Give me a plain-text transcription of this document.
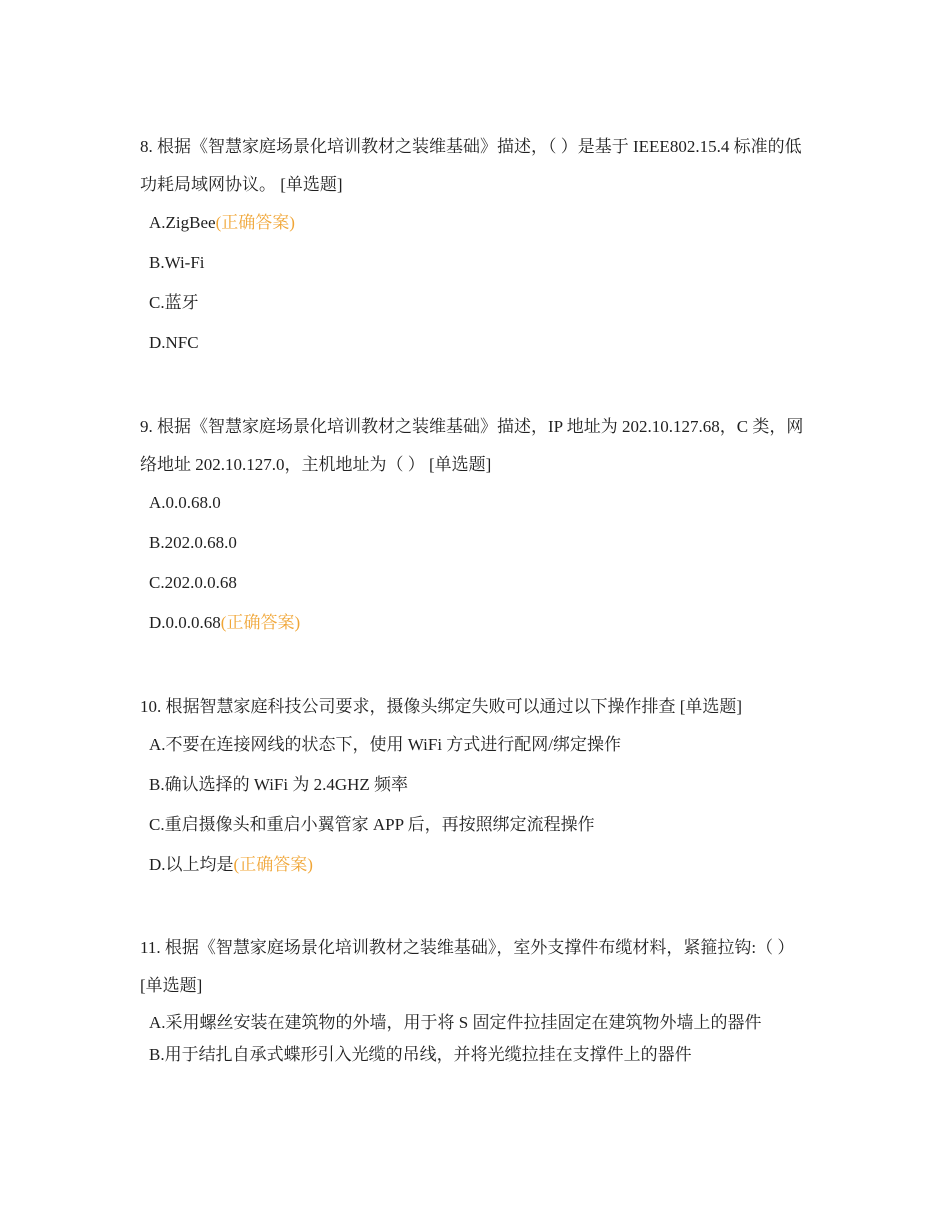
8. 根据《智慧家庭场景化培训教材之装维基础》描述，（ ）是基于 IEEE802.15.4 标准的低功耗局域网协议。 [单选题]

A.ZigBee(正确答案)
B.Wi-Fi
C.蓝牙
D.NFC

9. 根据《智慧家庭场景化培训教材之装维基础》描述，IP 地址为 202.10.127.68，C 类，网络地址 202.10.127.0，主机地址为（ ） [单选题]

A.0.0.68.0
B.202.0.68.0
C.202.0.0.68
D.0.0.0.68(正确答案)

10. 根据智慧家庭科技公司要求，摄像头绑定失败可以通过以下操作排查 [单选题]

A.不要在连接网线的状态下，使用 WiFi 方式进行配网/绑定操作
B.确认选择的 WiFi 为 2.4GHZ 频率
C.重启摄像头和重启小翼管家 APP 后，再按照绑定流程操作
D.以上均是(正确答案)

11. 根据《智慧家庭场景化培训教材之装维基础》，室外支撑件布缆材料，紧箍拉钩:（ ） [单选题]

A.采用螺丝安装在建筑物的外墙，用于将 S 固定件拉挂固定在建筑物外墙上的器件
B.用于结扎自承式蝶形引入光缆的吊线，并将光缆拉挂在支撑件上的器件
